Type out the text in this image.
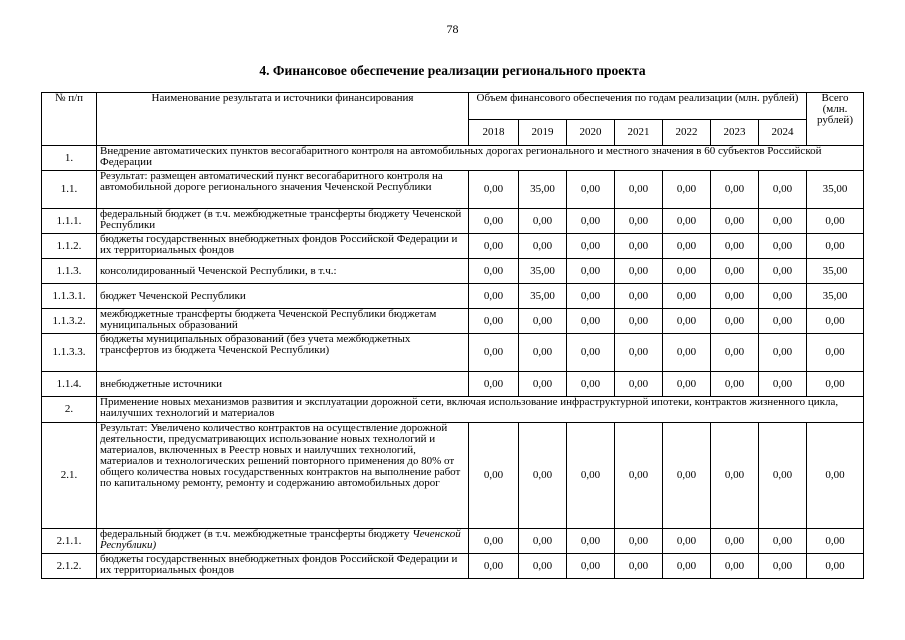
78
4. Финансовое обеспечение реализации регионального проекта
№ п/п	Наименование результата и источники финансирования	Объем финансового обеспечения по годам реализации (млн. рублей)							Всего (млн. рублей)
		2018	2019	2020	2021	2022	2023	2024	
1.	Внедрение автоматических пунктов весогабаритного контроля на автомобильных дорогах регионального и местного значения в 60 субъектов Российской Федерации								
1.1.	Результат: размещен автоматический пункт весогабаритного контроля на автомобильной дороге регионального значения Чеченской Республики	0,00	35,00	0,00	0,00	0,00	0,00	0,00	35,00
1.1.1.	федеральный бюджет (в т.ч. межбюджетные трансферты бюджету Чеченской Республики	0,00	0,00	0,00	0,00	0,00	0,00	0,00	0,00
1.1.2.	бюджеты государственных внебюджетных фондов Российской Федерации и их территориальных фондов	0,00	0,00	0,00	0,00	0,00	0,00	0,00	0,00
1.1.3.	консолидированный Чеченской Республики, в т.ч.:	0,00	35,00	0,00	0,00	0,00	0,00	0,00	35,00
1.1.3.1.	бюджет Чеченской Республики	0,00	35,00	0,00	0,00	0,00	0,00	0,00	35,00
1.1.3.2.	межбюджетные трансферты бюджета Чеченской Республики бюджетам муниципальных образований	0,00	0,00	0,00	0,00	0,00	0,00	0,00	0,00
1.1.3.3.	бюджеты муниципальных образований (без учета межбюджетных трансфертов из бюджета Чеченской Республики)	0,00	0,00	0,00	0,00	0,00	0,00	0,00	0,00
1.1.4.	внебюджетные источники	0,00	0,00	0,00	0,00	0,00	0,00	0,00	0,00
2.	Применение новых механизмов развития и эксплуатации дорожной сети, включая использование инфраструктурной ипотеки, контрактов жизненного цикла, наилучших технологий и материалов								
2.1.	Результат: Увеличено количество контрактов на осуществление дорожной деятельности, предусматривающих использование новых технологий и материалов, включенных в Реестр новых и наилучших технологий, материалов и технологических решений повторного применения до 80% от общего количества новых государственных контрактов на выполнение работ по капитальному ремонту, ремонту и содержанию автомобильных дорог	0,00	0,00	0,00	0,00	0,00	0,00	0,00	0,00
2.1.1.	федеральный бюджет (в т.ч. межбюджетные трансферты бюджету Чеченской Республики)	0,00	0,00	0,00	0,00	0,00	0,00	0,00	0,00
2.1.2.	бюджеты государственных внебюджетных фондов Российской Федерации и их территориальных фондов	0,00	0,00	0,00	0,00	0,00	0,00	0,00	0,00
